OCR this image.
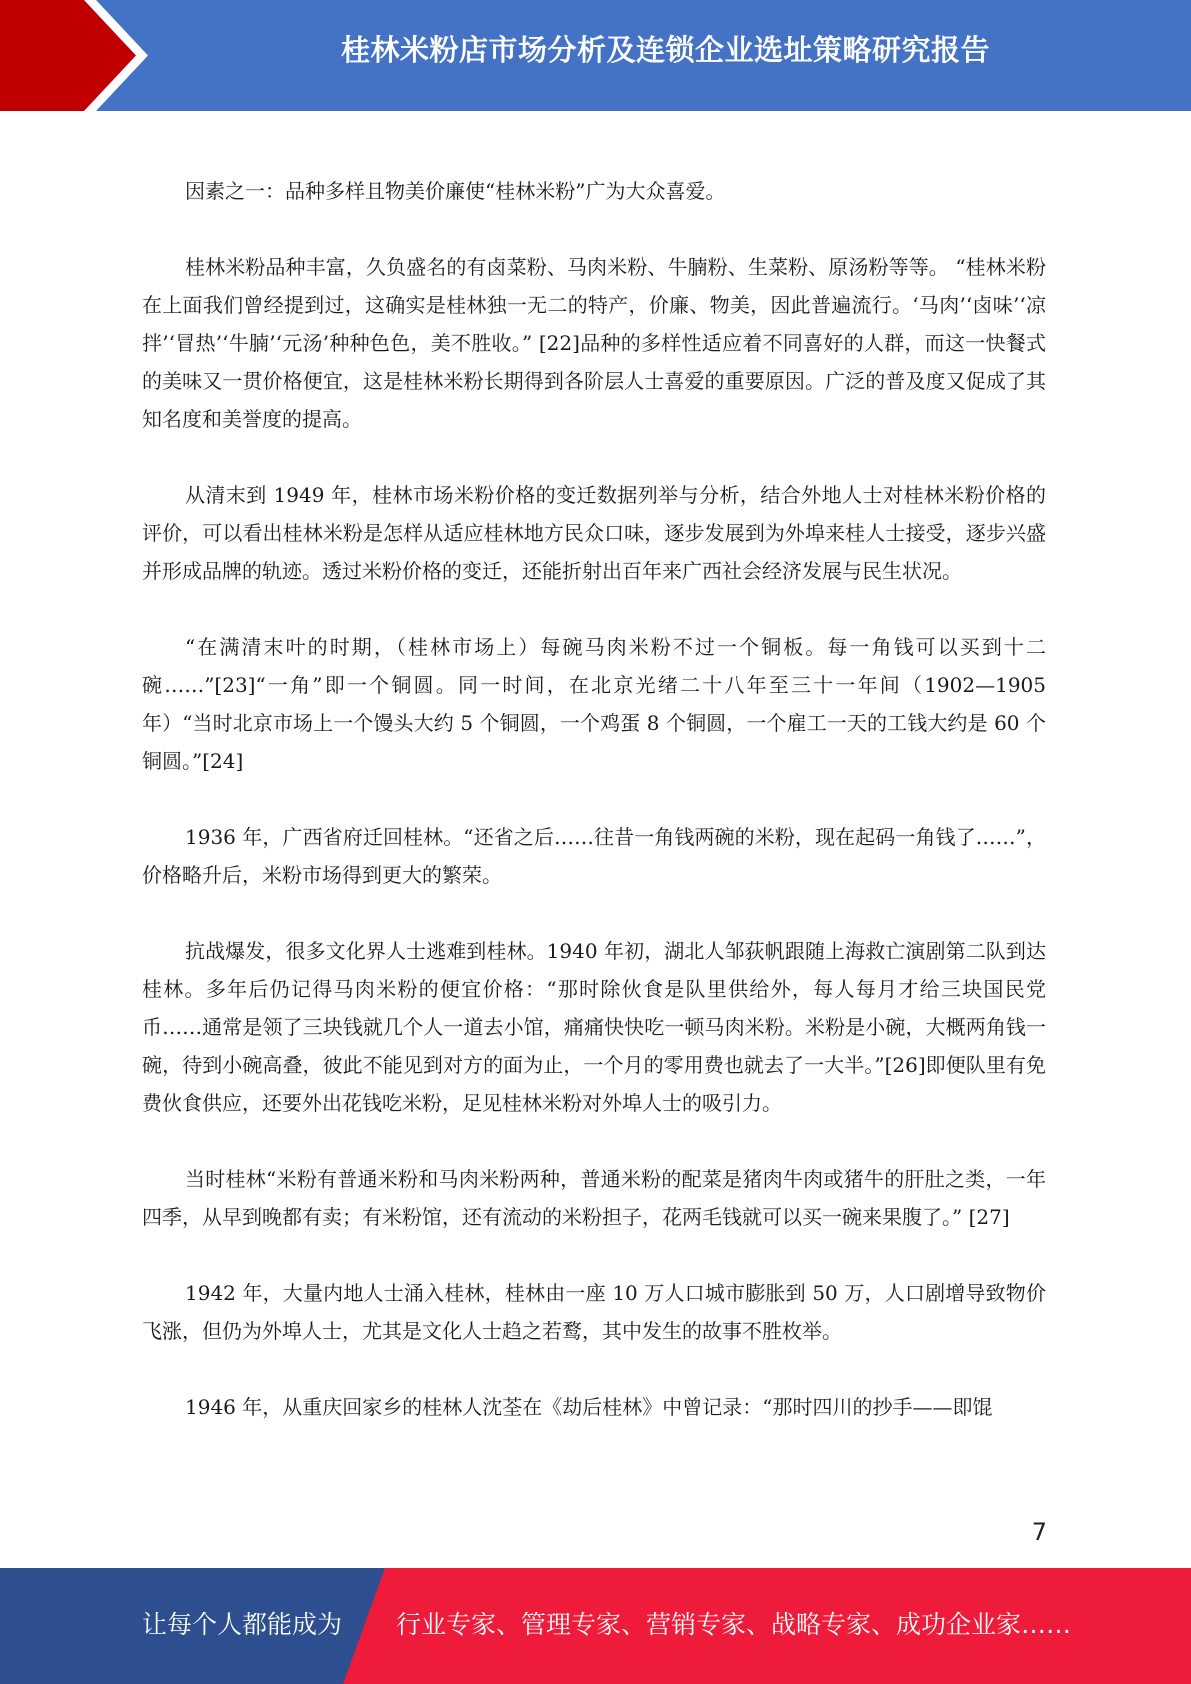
桂林米粉店市场分析及连锁企业选址策略研究报告

因素之一：品种多样且物美价廉使“桂林米粉”广为大众喜爱。

桂林米粉品种丰富，久负盛名的有卤菜粉、马肉米粉、牛腩粉、生菜粉、原汤粉等等。 “桂林米粉在上面我们曾经提到过，这确实是桂林独一无二的特产，价廉、物美，因此普遍流行。‘马肉’‘卤味’‘凉拌’‘冒热’‘牛腩’‘元汤’种种色色，美不胜收。” [22]品种的多样性适应着不同喜好的人群，而这一快餐式的美味又一贯价格便宜，这是桂林米粉长期得到各阶层人士喜爱的重要原因。广泛的普及度又促成了其知名度和美誉度的提高。

从清末到 1949 年，桂林市场米粉价格的变迁数据列举与分析，结合外地人士对桂林米粉价格的评价，可以看出桂林米粉是怎样从适应桂林地方民众口味，逐步发展到为外埠来桂人士接受，逐步兴盛并形成品牌的轨迹。透过米粉价格的变迁，还能折射出百年来广西社会经济发展与民生状况。

“在满清末叶的时期，（桂林市场上）每碗马肉米粉不过一个铜板。每一角钱可以买到十二碗……”[23]“一角”即一个铜圆。同一时间，在北京光绪二十八年至三十一年间（1902—1905 年）“当时北京市场上一个馒头大约 5 个铜圆，一个鸡蛋 8 个铜圆，一个雇工一天的工钱大约是 60 个铜圆。”[24]

1936 年，广西省府迁回桂林。“还省之后……往昔一角钱两碗的米粉，现在起码一角钱了……”，价格略升后，米粉市场得到更大的繁荣。

抗战爆发，很多文化界人士逃难到桂林。1940 年初，湖北人邹荻帆跟随上海救亡演剧第二队到达桂林。多年后仍记得马肉米粉的便宜价格：“那时除伙食是队里供给外，每人每月才给三块国民党币……通常是领了三块钱就几个人一道去小馆，痛痛快快吃一顿马肉米粉。米粉是小碗，大概两角钱一碗，待到小碗高叠，彼此不能见到对方的面为止，一个月的零用费也就去了一大半。”[26]即便队里有免费伙食供应，还要外出花钱吃米粉，足见桂林米粉对外埠人士的吸引力。

当时桂林“米粉有普通米粉和马肉米粉两种，普通米粉的配菜是猪肉牛肉或猪牛的肝肚之类，一年四季，从早到晚都有卖；有米粉馆，还有流动的米粉担子，花两毛钱就可以买一碗来果腹了。” [27]

1942 年，大量内地人士涌入桂林，桂林由一座 10 万人口城市膨胀到 50 万，人口剧增导致物价飞涨，但仍为外埠人士，尤其是文化人士趋之若鹜，其中发生的故事不胜枚举。

1946 年，从重庆回家乡的桂林人沈荃在《劫后桂林》中曾记录：“那时四川的抄手——即馄

7
让每个人都能成为 行业专家、管理专家、营销专家、战略专家、成功企业家……
